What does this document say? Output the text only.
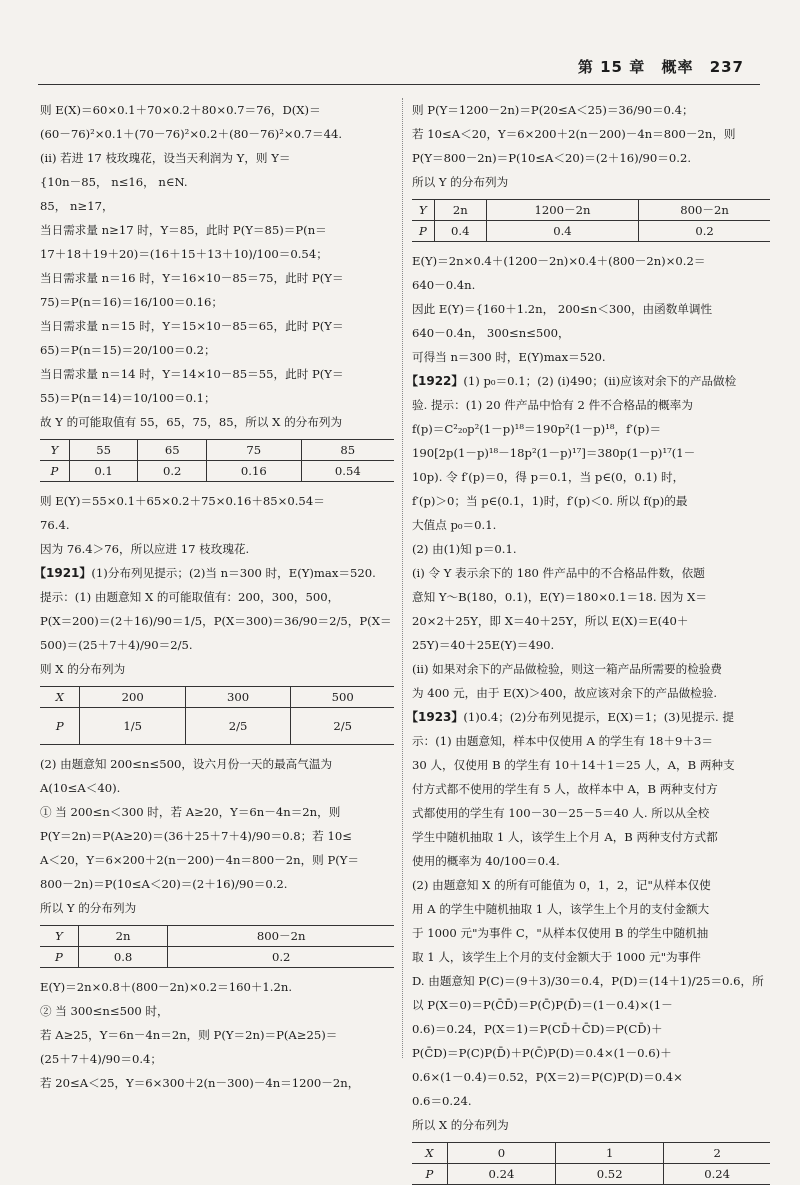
第 15 章 概率 237

则 E(X)＝60×0.1＋70×0.2＋80×0.7＝76，D(X)＝

(60－76)²×0.1＋(70－76)²×0.2＋(80－76)²×0.7＝44.

(ii) 若进 17 枝玫瑰花，设当天利润为 Y，则 Y＝

{10n－85， n≤16， n∈N.

85， n≥17，

当日需求量 n≥17 时，Y＝85，此时 P(Y＝85)＝P(n＝

17＋18＋19＋20)＝(16＋15＋13＋10)/100＝0.54；

当日需求量 n＝16 时，Y＝16×10－85＝75，此时 P(Y＝

75)＝P(n＝16)＝16/100＝0.16；

当日需求量 n＝15 时，Y＝15×10－85＝65，此时 P(Y＝

65)＝P(n＝15)＝20/100＝0.2；

当日需求量 n＝14 时，Y＝14×10－85＝55，此时 P(Y＝

55)＝P(n＝14)＝10/100＝0.1；

故 Y 的可能取值有 55，65，75，85，所以 X 的分布列为

Y	55	65	75	85
P	0.1	0.2	0.16	0.54

则 E(Y)＝55×0.1＋65×0.2＋75×0.16＋85×0.54＝

76.4.

因为 76.4＞76，所以应进 17 枝玫瑰花.

【1921】(1)分布列见提示；(2)当 n＝300 时，E(Y)max＝520.

提示：(1) 由题意知 X 的可能取值有：200，300，500，

P(X＝200)＝(2＋16)/90＝1/5，P(X＝300)＝36/90＝2/5，P(X＝

500)＝(25＋7＋4)/90＝2/5.

则 X 的分布列为

X	200	300	500
P	1/5	2/5	2/5

(2) 由题意知 200≤n≤500，设六月份一天的最高气温为

A(10≤A＜40).

① 当 200≤n＜300 时，若 A≥20，Y＝6n－4n＝2n，则

P(Y＝2n)＝P(A≥20)＝(36＋25＋7＋4)/90＝0.8；若 10≤

A＜20，Y＝6×200＋2(n－200)－4n＝800－2n，则 P(Y＝

800－2n)＝P(10≤A＜20)＝(2＋16)/90＝0.2.

所以 Y 的分布列为

Y	2n	800－2n
P	0.8	0.2

E(Y)＝2n×0.8＋(800－2n)×0.2＝160＋1.2n.

② 当 300≤n≤500 时，

若 A≥25，Y＝6n－4n＝2n，则 P(Y＝2n)＝P(A≥25)＝

(25＋7＋4)/90＝0.4；

若 20≤A＜25，Y＝6×300＋2(n－300)－4n＝1200－2n，

则 P(Y＝1200－2n)＝P(20≤A＜25)＝36/90＝0.4；

若 10≤A＜20，Y＝6×200＋2(n－200)－4n＝800－2n，则

P(Y＝800－2n)＝P(10≤A＜20)＝(2＋16)/90＝0.2.

所以 Y 的分布列为

Y	2n	1200－2n	800－2n
P	0.4	0.4	0.2

E(Y)＝2n×0.4＋(1200－2n)×0.4＋(800－2n)×0.2＝

640－0.4n.

因此 E(Y)＝{160＋1.2n， 200≤n＜300，由函数单调性

640－0.4n， 300≤n≤500，

可得当 n＝300 时，E(Y)max＝520.

【1922】(1) p₀＝0.1；(2) (i)490；(ii)应该对余下的产品做检

验. 提示：(1) 20 件产品中恰有 2 件不合格品的概率为

f(p)＝C²₂₀p²(1－p)¹⁸＝190p²(1－p)¹⁸，f′(p)＝

190[2p(1－p)¹⁸－18p²(1－p)¹⁷]＝380p(1－p)¹⁷(1－

10p). 令 f′(p)＝0，得 p＝0.1，当 p∈(0，0.1) 时，

f′(p)＞0；当 p∈(0.1，1)时，f′(p)＜0. 所以 f(p)的最

大值点 p₀＝0.1.

(2) 由(1)知 p＝0.1.

(i) 令 Y 表示余下的 180 件产品中的不合格品件数，依题

意知 Y～B(180，0.1)，E(Y)＝180×0.1＝18. 因为 X＝

20×2＋25Y，即 X＝40＋25Y，所以 E(X)＝E(40＋

25Y)＝40＋25E(Y)＝490.

(ii) 如果对余下的产品做检验，则这一箱产品所需要的检验费

为 400 元，由于 E(X)＞400，故应该对余下的产品做检验.

【1923】(1)0.4；(2)分布列见提示，E(X)＝1；(3)见提示. 提

示：(1) 由题意知，样本中仅使用 A 的学生有 18＋9＋3＝

30 人，仅使用 B 的学生有 10＋14＋1＝25 人，A，B 两种支

付方式都不使用的学生有 5 人，故样本中 A，B 两种支付方

式都使用的学生有 100－30－25－5＝40 人. 所以从全校

学生中随机抽取 1 人，该学生上个月 A，B 两种支付方式都

使用的概率为 40/100＝0.4.

(2) 由题意知 X 的所有可能值为 0，1，2，记"从样本仅使

用 A 的学生中随机抽取 1 人，该学生上个月的支付金额大

于 1000 元"为事件 C，"从样本仅使用 B 的学生中随机抽

取 1 人，该学生上个月的支付金额大于 1000 元"为事件

D. 由题意知 P(C)＝(9＋3)/30＝0.4，P(D)＝(14＋1)/25＝0.6，所

以 P(X＝0)＝P(C̄D̄)＝P(C̄)P(D̄)＝(1－0.4)×(1－

0.6)＝0.24，P(X＝1)＝P(CD̄＋C̄D)＝P(CD̄)＋

P(C̄D)＝P(C)P(D̄)＋P(C̄)P(D)＝0.4×(1－0.6)＋

0.6×(1－0.4)＝0.52，P(X＝2)＝P(C)P(D)＝0.4×

0.6＝0.24.

所以 X 的分布列为

X	0	1	2
P	0.24	0.52	0.24
